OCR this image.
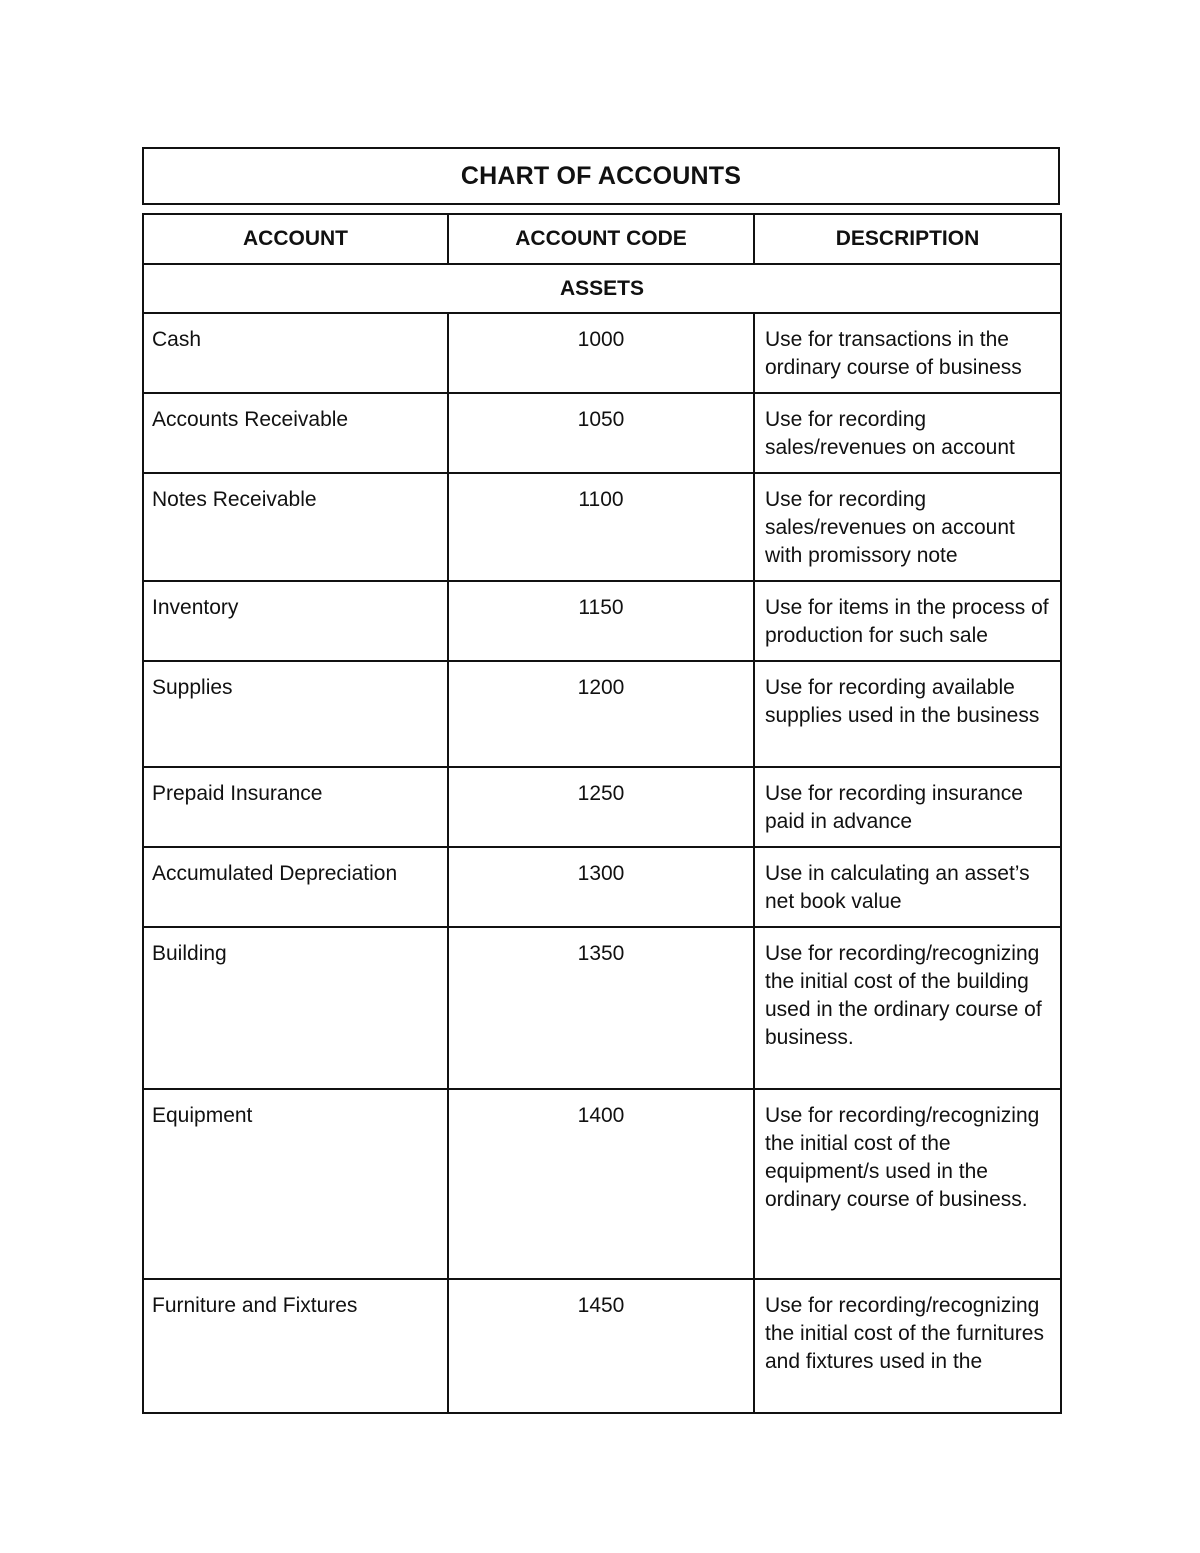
CHART OF ACCOUNTS
ACCOUNT	ACCOUNT CODE	DESCRIPTION
ASSETS		
Cash	1000	Use for transactions in the ordinary course of business
Accounts Receivable	1050	Use for recording sales/revenues on account
Notes Receivable	1100	Use for recording sales/revenues on account with promissory note
Inventory	1150	Use for items in the process of production for such sale
Supplies	1200	Use for recording available supplies used in the business
Prepaid Insurance	1250	Use for recording insurance paid in advance
Accumulated Depreciation	1300	Use in calculating an asset’s net book value
Building	1350	Use for recording/recognizing the initial cost of the building used in the ordinary course of business.
Equipment	1400	Use for recording/recognizing the initial cost of the equipment/s used in the ordinary course of business.
Furniture and Fixtures	1450	Use for recording/recognizing the initial cost of the furnitures and fixtures used in the
